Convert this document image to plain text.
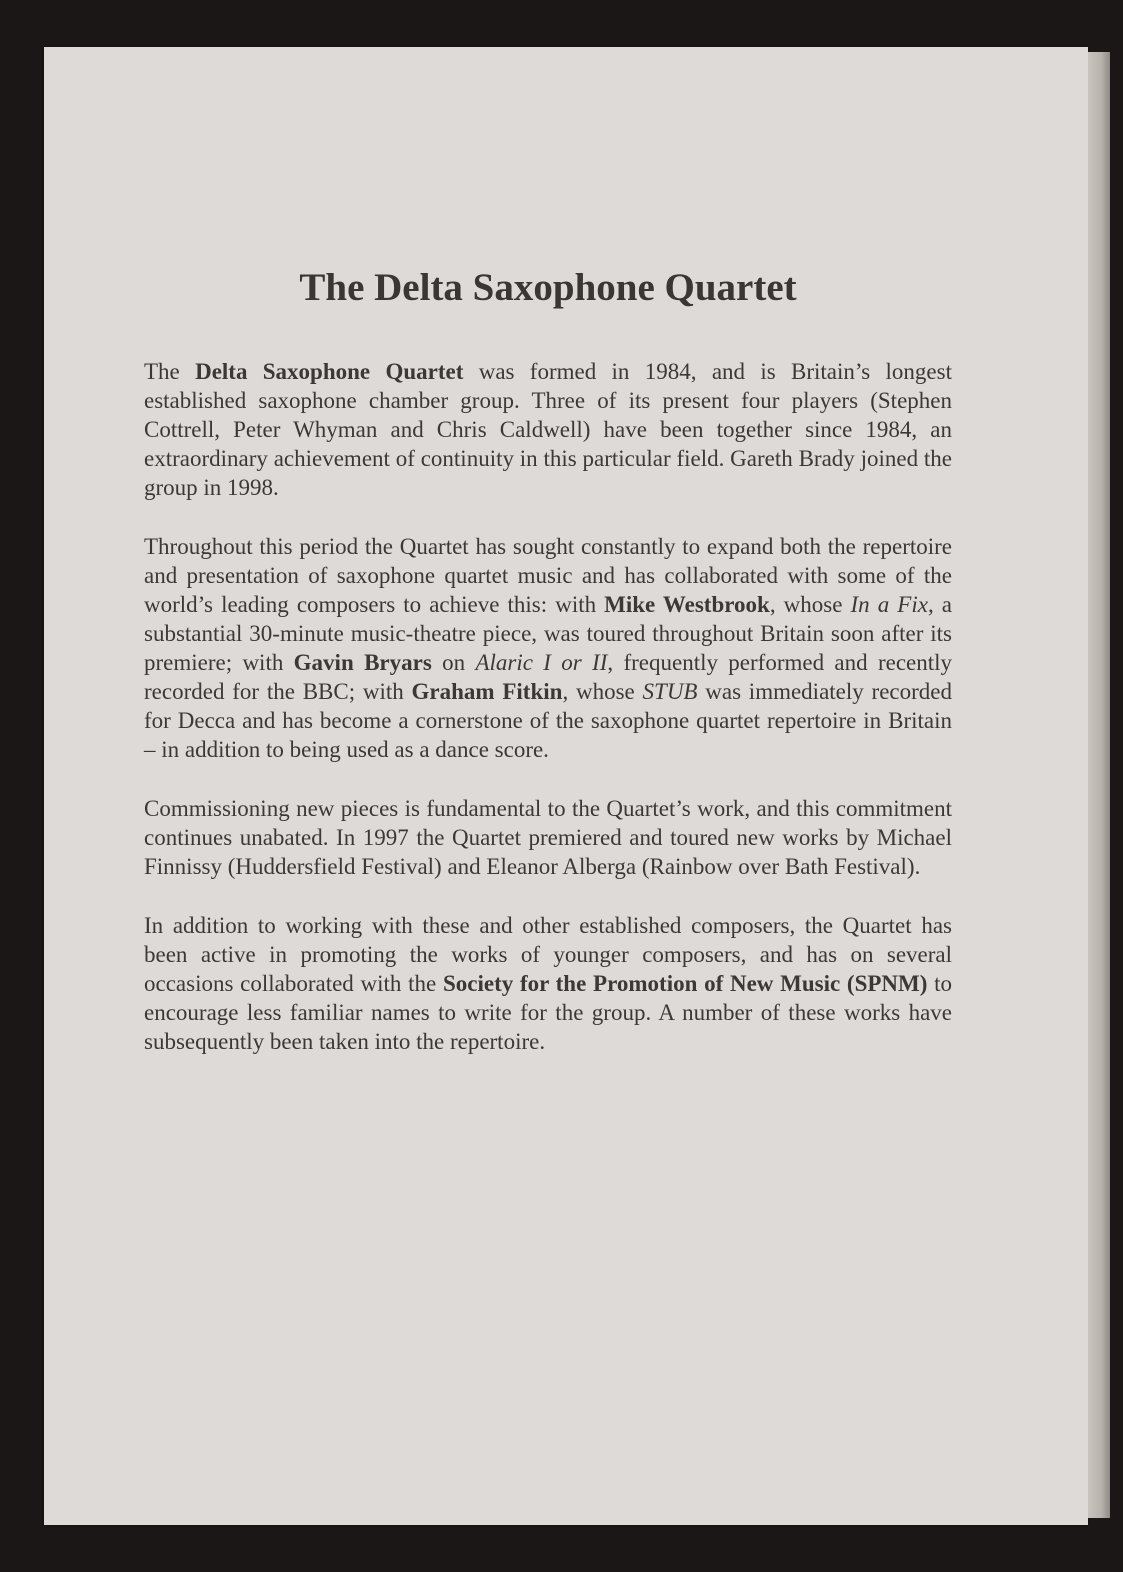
The Delta Saxophone Quartet

The Delta Saxophone Quartet was formed in 1984, and is Britain’s longest established saxophone chamber group. Three of its present four players (Stephen Cottrell, Peter Whyman and Chris Caldwell) have been together since 1984, an extraordinary achievement of continuity in this particular field. Gareth Brady joined the group in 1998.

Throughout this period the Quartet has sought constantly to expand both the repertoire and presentation of saxophone quartet music and has collaborated with some of the world’s leading composers to achieve this: with Mike Westbrook, whose In a Fix, a substantial 30-minute music-theatre piece, was toured throughout Britain soon after its premiere; with Gavin Bryars on Alaric I or II, frequently performed and recently recorded for the BBC; with Graham Fitkin, whose STUB was immediately recorded for Decca and has become a cornerstone of the saxophone quartet repertoire in Britain – in addition to being used as a dance score.

Commissioning new pieces is fundamental to the Quartet’s work, and this commitment continues unabated. In 1997 the Quartet premiered and toured new works by Michael Finnissy (Huddersfield Festival) and Eleanor Alberga (Rainbow over Bath Festival).

In addition to working with these and other established composers, the Quartet has been active in promoting the works of younger composers, and has on several occasions collaborated with the Society for the Promotion of New Music (SPNM) to encourage less familiar names to write for the group. A number of these works have subsequently been taken into the repertoire.
